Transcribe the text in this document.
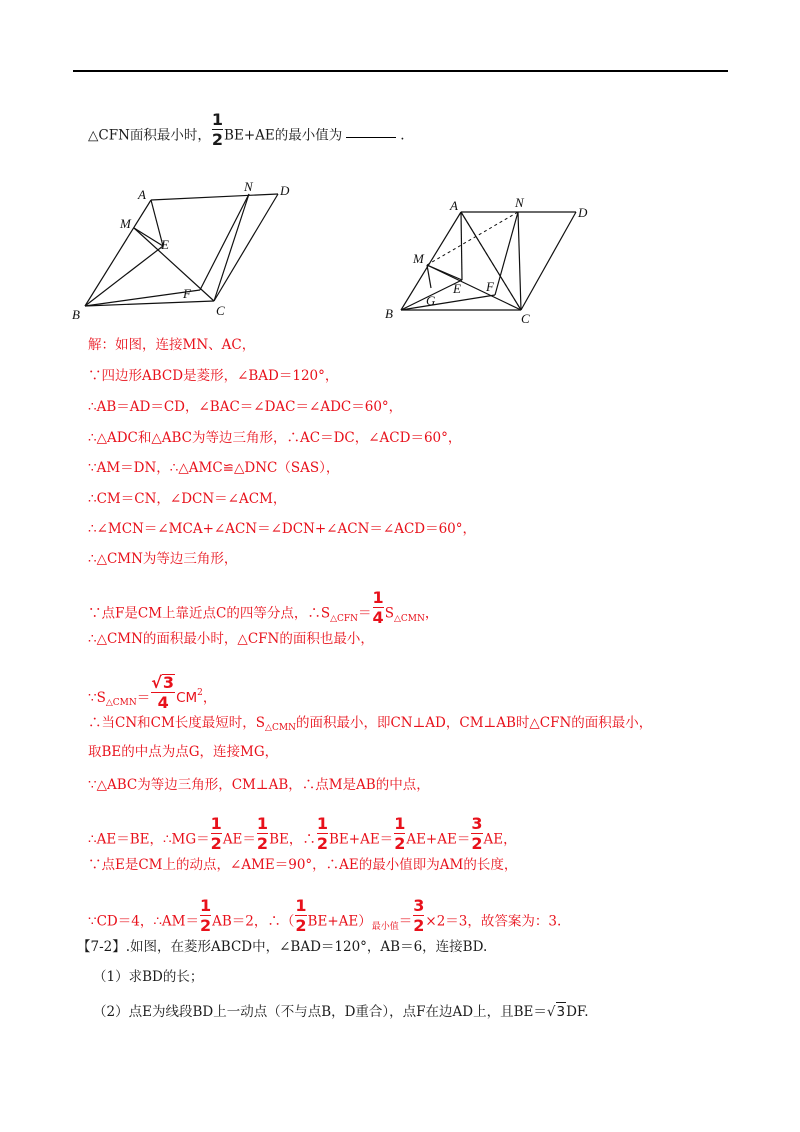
△CFN面积最小时， $\frac{1}{2} BE+AE$的最小值为	.
A
M
E
N D
F
C
B
A	N
D
M
E F
G
C
B
解：如图，连接MN、AC，
∵四边形ABCD是菱形，∠BAD＝120°，
∴AB＝AD＝CD，∠BAC＝∠DAC＝∠ADC＝60°，
∴△ADC和△ABC为等边三角形，∴AC＝DC，∠ACD＝60°，
∵AM＝DN，∴△AMC≌△DNC（SAS），
∴CM＝CN，∠DCN＝∠ACM，
∴∠MCN＝∠MCA+∠ACN＝∠DCN+∠ACN＝∠ACD＝60°，
∴△CMN为等边三角形，
∵点F是CM上靠近点C的四等分点，$\therefore S_{\triangle CFN}= \frac{1}{4} S_{\triangle CMN}$，
∴△CMN的面积最小时，△CFN的面积也最小，
$\because S_{\triangle CMN}= \frac{√3}{4} CM^2$，
∴当CN和CM长度最短时，$S_{\triangle CMN}$的面积最小，即CN⊥AD，CM⊥AB时△CFN的面积最小，
取BE的中点为点G，连接MG，
∵△ABC为等边三角形，CM⊥AB，∴点M是AB的中点，
∴AE＝BE，∴MG＝ $\frac{1}{2} AE= \frac{1}{2}$ BE，∴ $\frac{1}{2} BE+AE= \frac{1}{2} AE+AE= \frac{3}{2}$ AE，
∵点E是CM上的动点，∠AME＝90°，∴AE的最小值即为AM的长度，
∵CD＝4，∴AM＝ $\frac{1}{2} AB=2$，∴（ $\frac{1}{2} BE+AE)_{最小值}= \frac{3}{2} \times 2=3$，故答案为：3.
【7-2】.如图，在菱形ABCD中，∠BAD＝120°，AB＝6，连接BD.
（1）求BD的长；
（2）点E为线段BD上一动点（不与点B，D重合），点F在边AD上，且BE＝√3DF.
